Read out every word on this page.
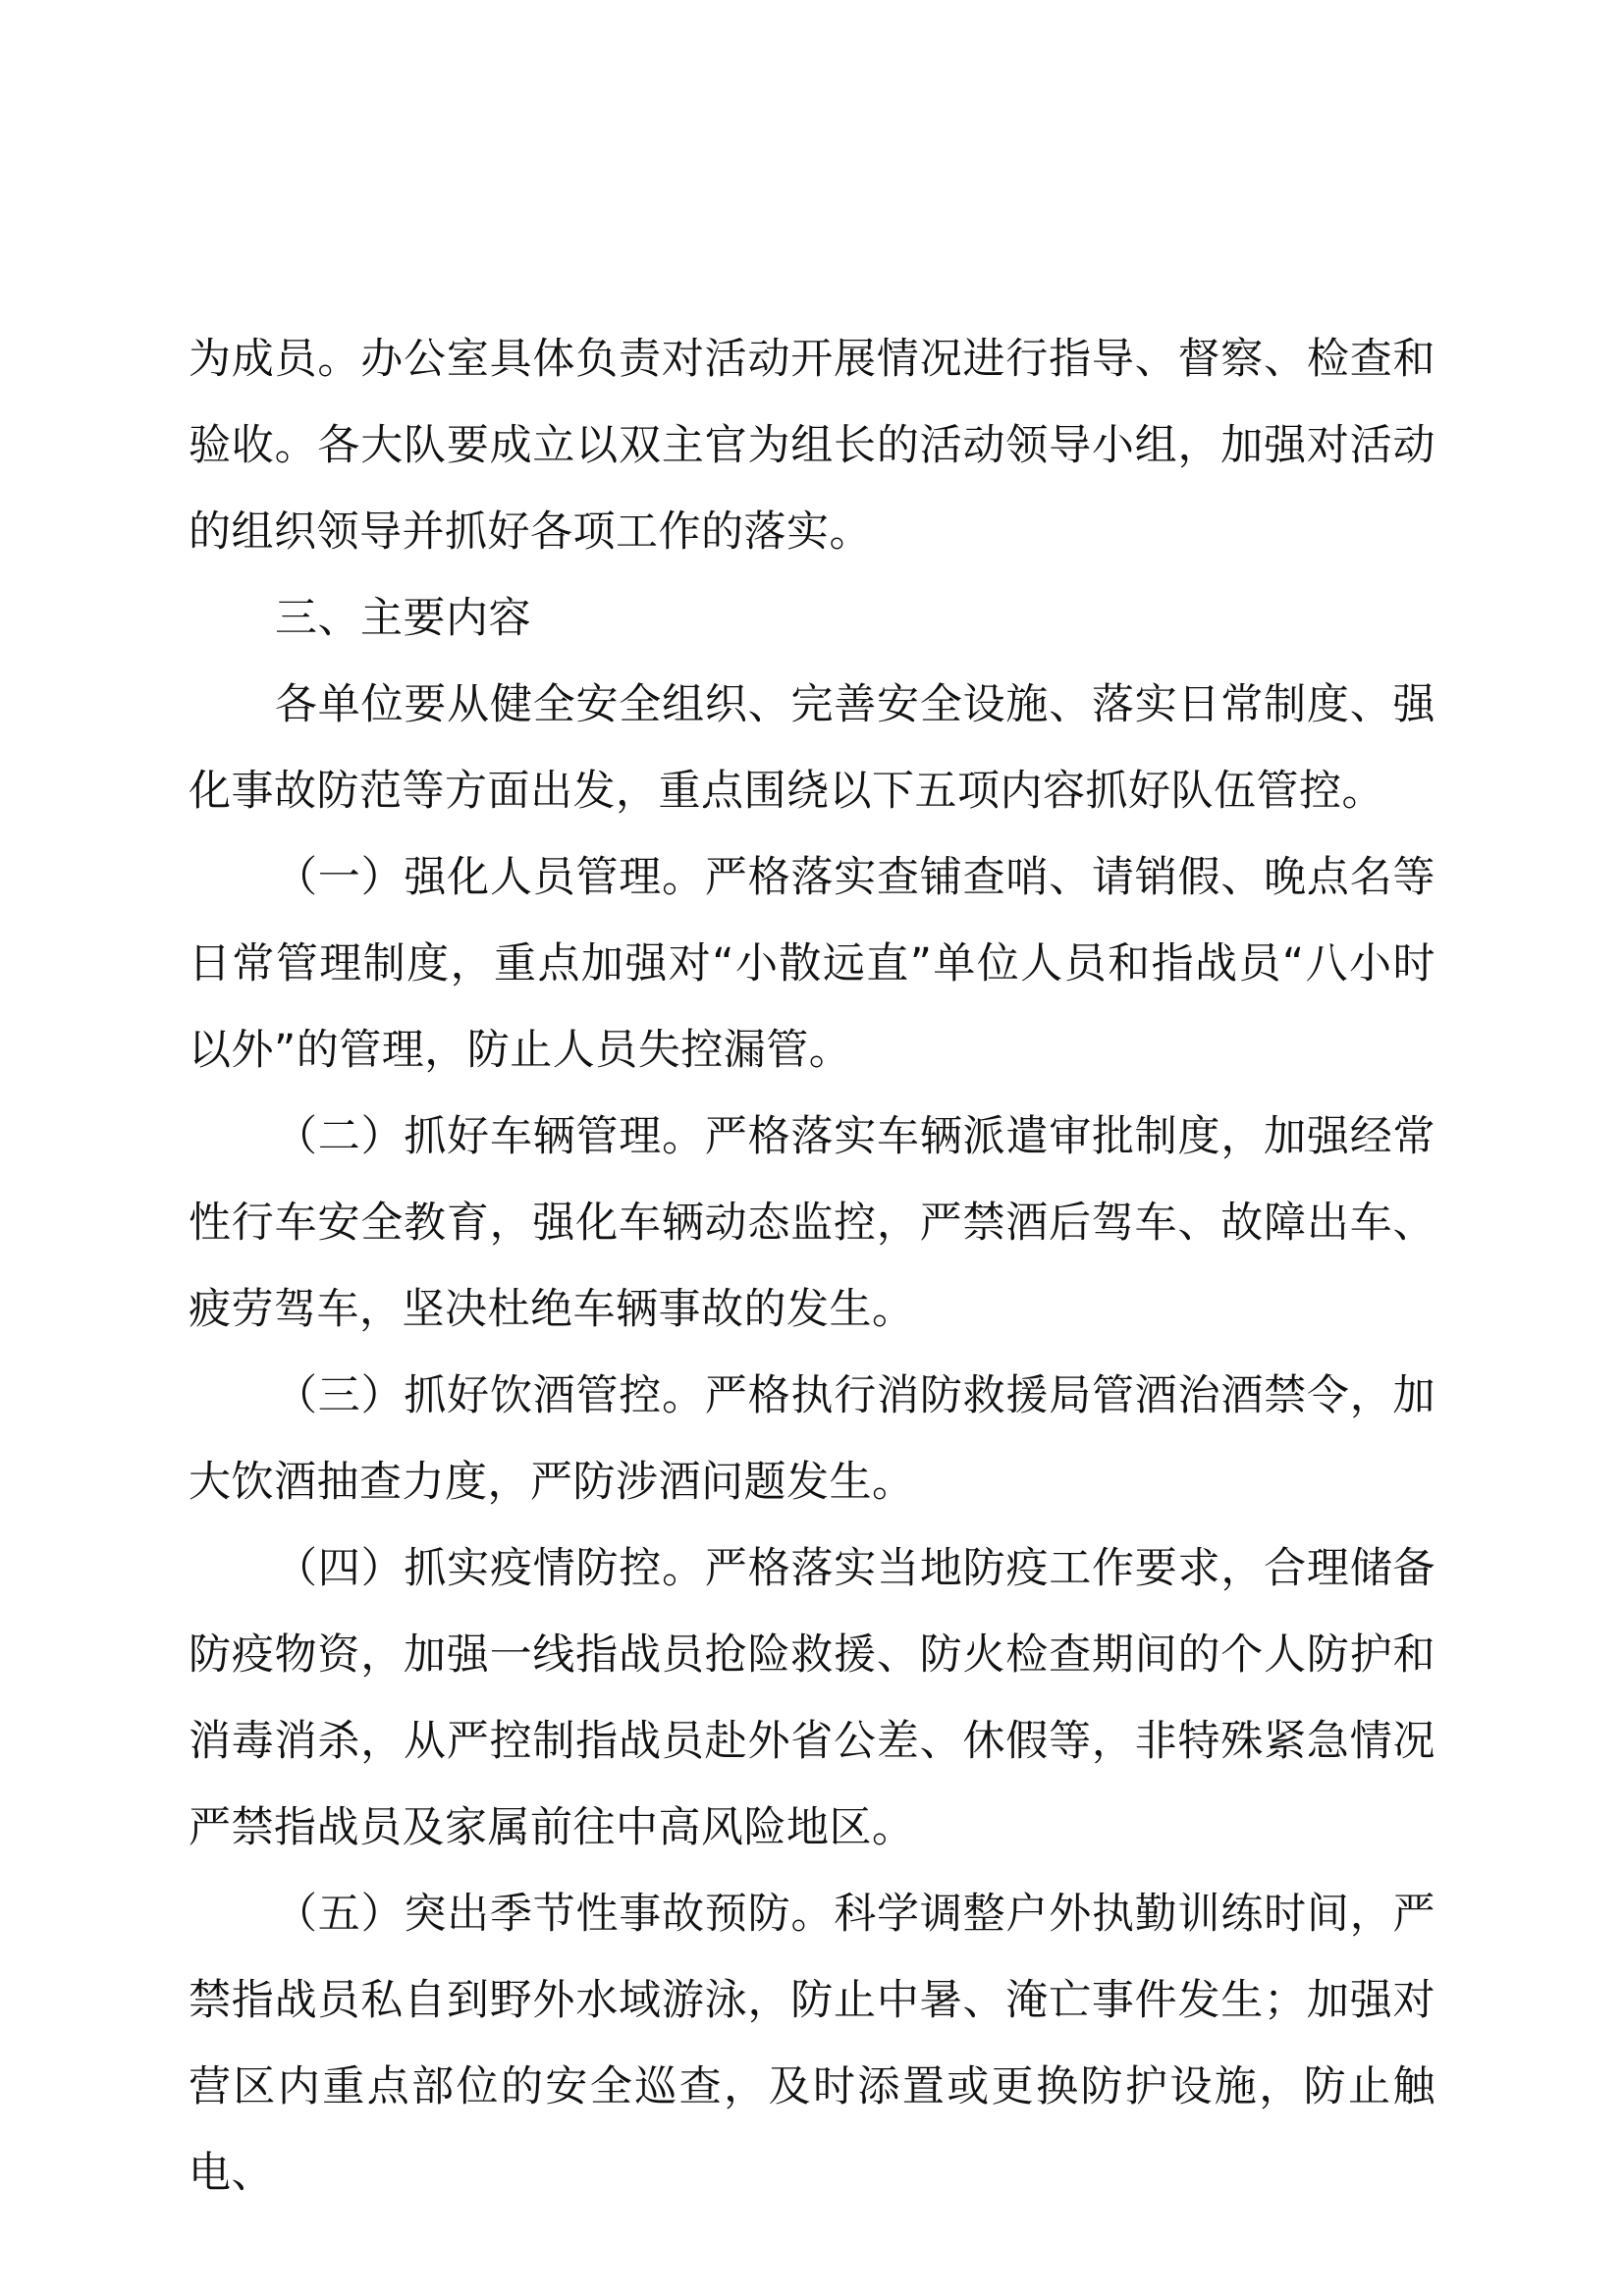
为成员。办公室具体负责对活动开展情况进行指导、督察、检查和验收。各大队要成立以双主官为组长的活动领导小组，加强对活动的组织领导并抓好各项工作的落实。

三、主要内容

各单位要从健全安全组织、完善安全设施、落实日常制度、强化事故防范等方面出发，重点围绕以下五项内容抓好队伍管控。

（一）强化人员管理。严格落实查铺查哨、请销假、晚点名等日常管理制度，重点加强对“小散远直”单位人员和指战员“八小时以外”的管理，防止人员失控漏管。

（二）抓好车辆管理。严格落实车辆派遣审批制度，加强经常性行车安全教育，强化车辆动态监控，严禁酒后驾车、故障出车、疲劳驾车，坚决杜绝车辆事故的发生。

（三）抓好饮酒管控。严格执行消防救援局管酒治酒禁令，加大饮酒抽查力度，严防涉酒问题发生。

（四）抓实疫情防控。严格落实当地防疫工作要求，合理储备防疫物资，加强一线指战员抢险救援、防火检查期间的个人防护和消毒消杀，从严控制指战员赴外省公差、休假等，非特殊紧急情况严禁指战员及家属前往中高风险地区。

（五）突出季节性事故预防。科学调整户外执勤训练时间，严禁指战员私自到野外水域游泳，防止中暑、淹亡事件发生；加强对营区内重点部位的安全巡查，及时添置或更换防护设施，防止触电、
